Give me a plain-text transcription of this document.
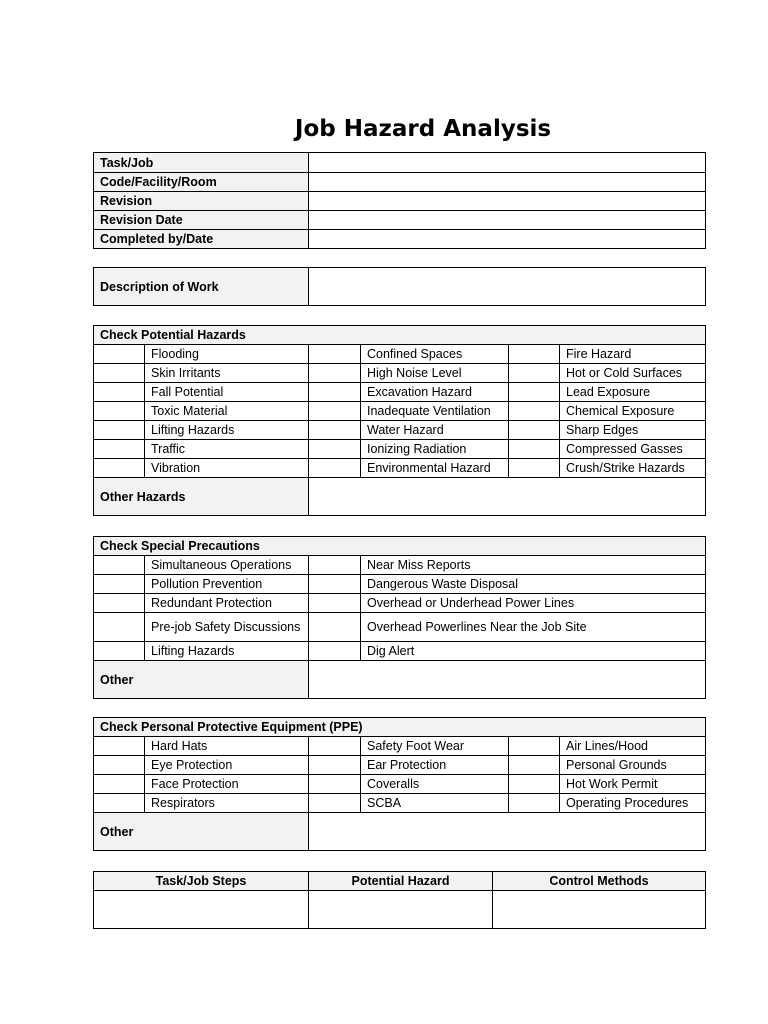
Job Hazard Analysis
Task/Job	
Code/Facility/Room	
Revision	
Revision Date	
Completed by/Date	
Description of Work	
Check Potential Hazards					
	Flooding		Confined Spaces		Fire Hazard
	Skin Irritants		High Noise Level		Hot or Cold Surfaces
	Fall Potential		Excavation Hazard		Lead Exposure
	Toxic Material		Inadequate Ventilation		Chemical Exposure
	Lifting Hazards		Water Hazard		Sharp Edges
	Traffic		Ionizing Radiation		Compressed Gasses
	Vibration		Environmental Hazard		Crush/Strike Hazards
Other Hazards					
Check Special Precautions			
	Simultaneous Operations		Near Miss Reports
	Pollution Prevention		Dangerous Waste Disposal
	Redundant Protection		Overhead or Underhead Power Lines
	Pre-job Safety Discussions		Overhead Powerlines Near the Job Site
	Lifting Hazards		Dig Alert
Other			
Check Personal Protective Equipment (PPE)					
	Hard Hats		Safety Foot Wear		Air Lines/Hood
	Eye Protection		Ear Protection		Personal Grounds
	Face Protection		Coveralls		Hot Work Permit
	Respirators		SCBA		Operating Procedures
Other					
Task/Job Steps	Potential Hazard	Control Methods
